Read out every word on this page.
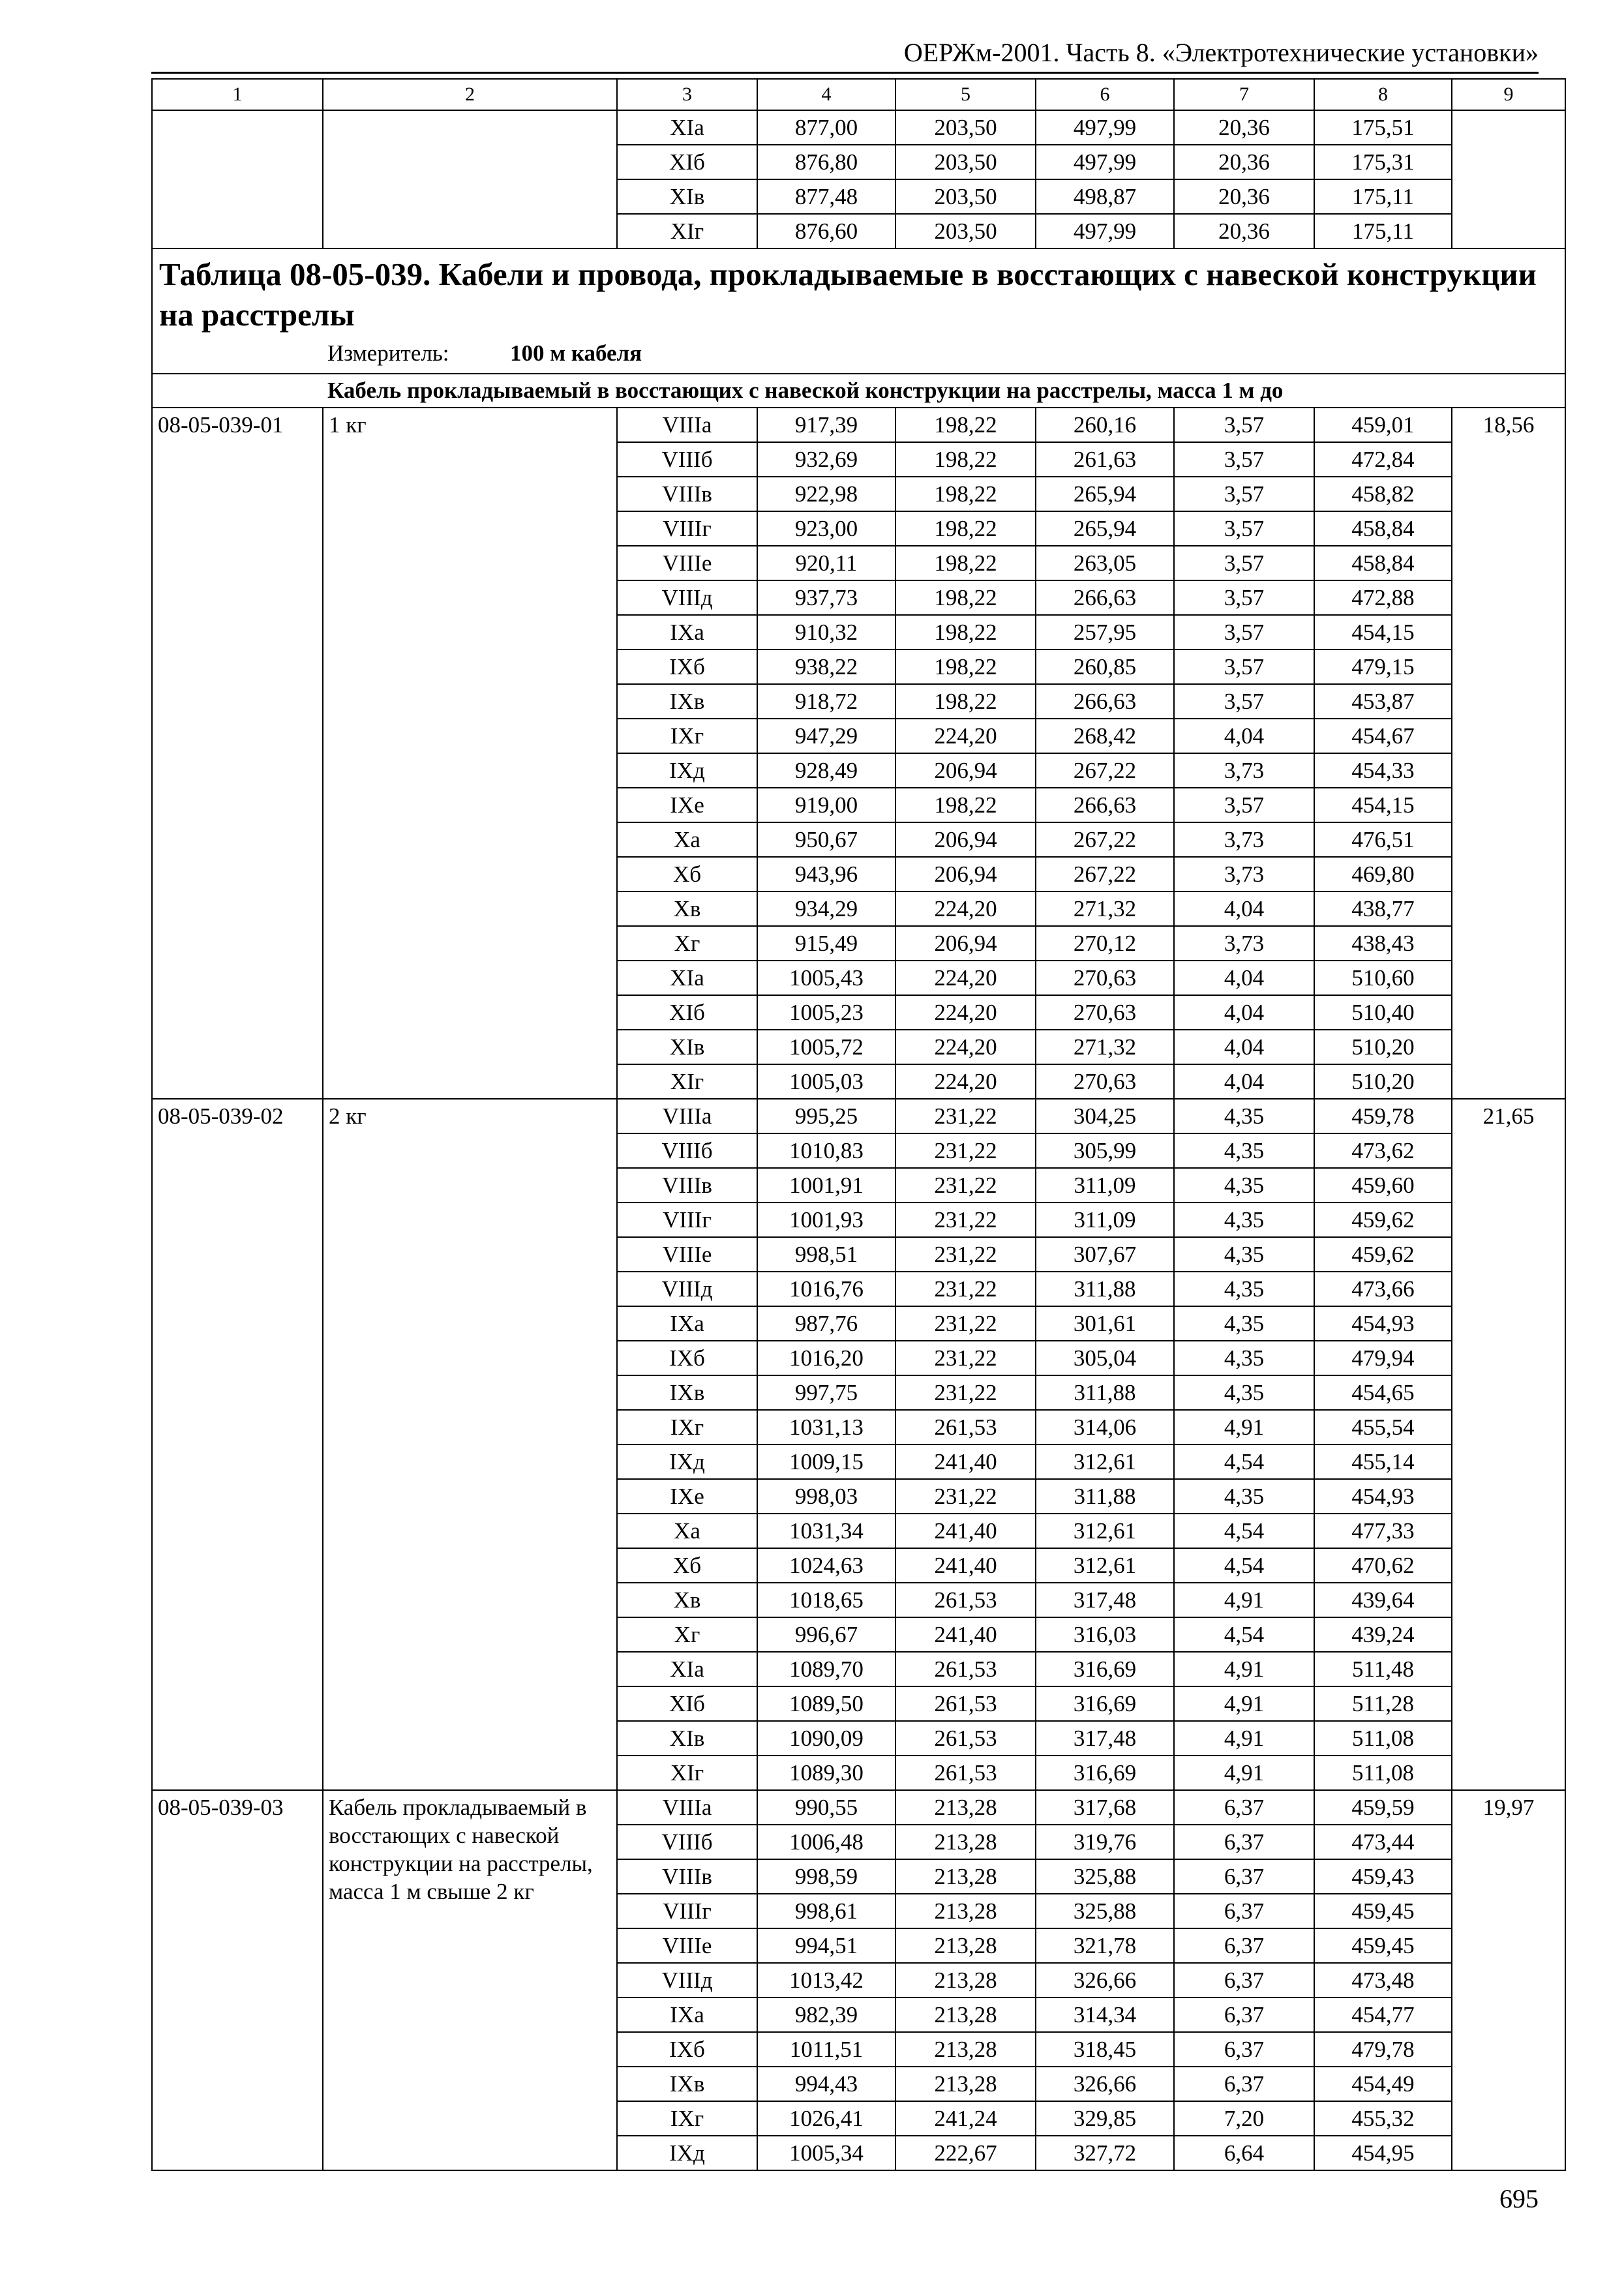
ОЕРЖм-2001. Часть 8. «Электротехнические установки»
1	2	3	4	5	6	7	8	9
		XIа	877,00	203,50	497,99	20,36	175,51	
		XIб	876,80	203,50	497,99	20,36	175,31	
		XIв	877,48	203,50	498,87	20,36	175,11	
		XIг	876,60	203,50	497,99	20,36	175,11	

Таблица 08-05-039. Кабели и провода, прокладываемые в восстающих с навеской конструкции на расстрелы
Измеритель: 100 м кабеля								

Кабель прокладываемый в восстающих с навеской конструкции на расстрелы, масса 1 м до								
08-05-039-01	1 кг	VIIIа	917,39	198,22	260,16	3,57	459,01	18,56
		VIIIб	932,69	198,22	261,63	3,57	472,84	
		VIIIв	922,98	198,22	265,94	3,57	458,82	
		VIIIг	923,00	198,22	265,94	3,57	458,84	
		VIIIе	920,11	198,22	263,05	3,57	458,84	
		VIIIд	937,73	198,22	266,63	3,57	472,88	
		IXа	910,32	198,22	257,95	3,57	454,15	
		IXб	938,22	198,22	260,85	3,57	479,15	
		IXв	918,72	198,22	266,63	3,57	453,87	
		IXг	947,29	224,20	268,42	4,04	454,67	
		IXд	928,49	206,94	267,22	3,73	454,33	
		IXе	919,00	198,22	266,63	3,57	454,15	
		Xа	950,67	206,94	267,22	3,73	476,51	
		Xб	943,96	206,94	267,22	3,73	469,80	
		Xв	934,29	224,20	271,32	4,04	438,77	
		Xг	915,49	206,94	270,12	3,73	438,43	
		XIа	1005,43	224,20	270,63	4,04	510,60	
		XIб	1005,23	224,20	270,63	4,04	510,40	
		XIв	1005,72	224,20	271,32	4,04	510,20	
		XIг	1005,03	224,20	270,63	4,04	510,20	
08-05-039-02	2 кг	VIIIа	995,25	231,22	304,25	4,35	459,78	21,65
		VIIIб	1010,83	231,22	305,99	4,35	473,62	
		VIIIв	1001,91	231,22	311,09	4,35	459,60	
		VIIIг	1001,93	231,22	311,09	4,35	459,62	
		VIIIе	998,51	231,22	307,67	4,35	459,62	
		VIIIд	1016,76	231,22	311,88	4,35	473,66	
		IXа	987,76	231,22	301,61	4,35	454,93	
		IXб	1016,20	231,22	305,04	4,35	479,94	
		IXв	997,75	231,22	311,88	4,35	454,65	
		IXг	1031,13	261,53	314,06	4,91	455,54	
		IXд	1009,15	241,40	312,61	4,54	455,14	
		IXе	998,03	231,22	311,88	4,35	454,93	
		Xа	1031,34	241,40	312,61	4,54	477,33	
		Xб	1024,63	241,40	312,61	4,54	470,62	
		Xв	1018,65	261,53	317,48	4,91	439,64	
		Xг	996,67	241,40	316,03	4,54	439,24	
		XIа	1089,70	261,53	316,69	4,91	511,48	
		XIб	1089,50	261,53	316,69	4,91	511,28	
		XIв	1090,09	261,53	317,48	4,91	511,08	
		XIг	1089,30	261,53	316,69	4,91	511,08	
08-05-039-03	Кабель прокладываемый в восстающих с навеской конструкции на расстрелы, масса 1 м свыше 2 кг	VIIIа	990,55	213,28	317,68	6,37	459,59	19,97
		VIIIб	1006,48	213,28	319,76	6,37	473,44	
		VIIIв	998,59	213,28	325,88	6,37	459,43	
		VIIIг	998,61	213,28	325,88	6,37	459,45	
		VIIIе	994,51	213,28	321,78	6,37	459,45	
		VIIIд	1013,42	213,28	326,66	6,37	473,48	
		IXа	982,39	213,28	314,34	6,37	454,77	
		IXб	1011,51	213,28	318,45	6,37	479,78	
		IXв	994,43	213,28	326,66	6,37	454,49	
		IXг	1026,41	241,24	329,85	7,20	455,32	
		IXд	1005,34	222,67	327,72	6,64	454,95	
695
